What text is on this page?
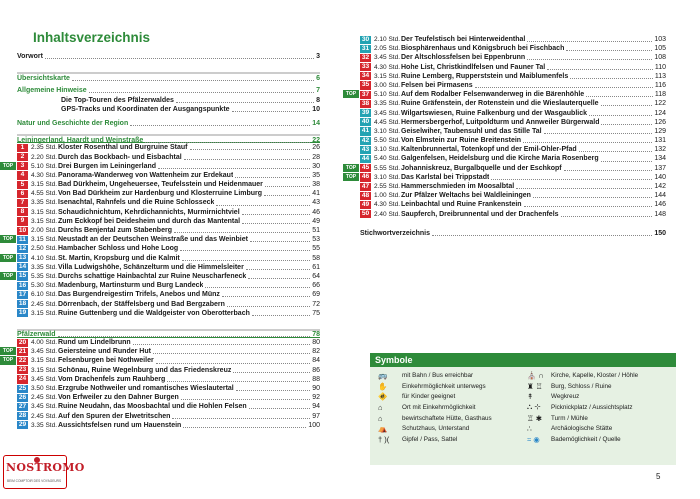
Inhaltsverzeichnis
Vorwort	3
Übersichtskarte	6
Allgemeine Hinweise	7
Die Top-Touren des Pfälzerwaldes	8
GPS-Tracks und Koordinaten der Ausgangspunkte	10
Natur und Geschichte der Region	14
Leiningerland, Haardt und Weinstraße	22
1	2.35 Std. Kloster Rosenthal und Burgruine Stauf	26
2	2.20 Std. Durch das Bockbach- und Eisbachtal	28
TOP	3	5.10 Std. Drei Burgen im Leiningerland	30
4	4.30 Std. Panorama-Wanderweg von Wattenheim zur Erdekaut	35
5	3.15 Std. Bad Dürkheim, Ungeheuersee, Teufelsstein und Heidenmauer	38
6	4.55 Std. Von Bad Dürkheim zur Hardenburg und Klosterruine Limburg	41
7	3.35 Std. Isenachtal, Rahnfels und die Ruine Schlosseck	43
8	3.15 Std. Schaudichnichtum, Kehrdichannichts, Murmirnichtviel	46
9	3.15 Std. Zum Eckkopf bei Deidesheim und durch das Mantental	49
10 2.00 Std. Durchs Benjental zum Stabenberg	51
TOP 11 3.15 Std. Neustadt an der Deutschen Weinstraße und das Weinbiet	53
12 2.50 Std. Hambacher Schloss und Hohe Loog	55
TOP 13 4.10 Std. St. Martin, Kropsburg und die Kalmit	58
14 3.35 Std. Villa Ludwigshöhe, Schänzelturm und die Himmelsleiter	61
TOP 15 5.35 Std. Durchs schattige Hainbachtal zur Ruine Neuscharfeneck	64
16 5.30 Std. Madenburg, Martinsturm und Burg Landeck	66
17 6.10 Std. Das Burgendreigestirn Trifels, Anebos und Münz	69
18 2.45 Std. Dörrenbach, der Stäffelsberg und Bad Bergzabern	72
19 3.15 Std. Ruine Guttenberg und die Waldgeister von Oberotterbach	75
Pfälzerwald	78
20 4.00 Std. Rund um Lindelbrunn	80
TOP 21 3.45 Std. Geiersteine und Runder Hut	82
TOP 22 3.15 Std. Felsenburgen bei Nothweiler	84
23 3.15 Std. Schönau, Ruine Wegelnburg und das Friedenskreuz	86
24 3.45 Std. Vom Drachenfels zum Rauhberg	88
25 3.50 Std. Erzgrube Nothweiler und romantisches Wieslautertal	90
26 2.45 Std. Von Erfweiler zu den Dahner Burgen	92
27 3.45 Std. Ruine Neudahn, das Moosbachtal und die Hohlen Felsen	94
28 2.45 Std. Auf den Spuren der Elwetritschen	97
29 3.35 Std. Aussichtsfelsen rund um Hauenstein	100
30 2.10 Std. Der Teufelstisch bei Hinterweidenthal	103
31 2.05 Std. Biosphärenhaus und Königsbruch bei Fischbach	105
32 3.45 Std. Der Altschlossfelsen bei Eppenbrunn	108
33 4.30 Std. Hohe List, Christkindlfelsen und Fauner Tal	110
34 3.15 Std. Ruine Lemberg, Rupperststein und Maiblumenfels	113
35 3.00 Std. Felsen bei Pirmasens	116
TOP 37 5.10 Std. Auf dem Rodalber Felsenwanderweg in die Bärenhöhle	118
38 3.35 Std. Ruine Gräfenstein, der Rotenstein und die Wieslauterquelle	122
39 3.45 Std. Wilgartswiesen, Ruine Falkenburg und der Wasgaublick	124
40 4.45 Std. Hermersbergerhof, Luitpoldturm und Annweiler Bürgerwald	126
41 3.10 Std. Geiselwiher, Taubensuhl und das Stille Tal	129
42 5.50 Std. Von Elmstein zur Ruine Breitenstein	131
43 3.10 Std. Kaltenbrunnertal, Totenkopf und der Emil-Ohler-Pfad	132
44 5.40 Std. Galgenfelsen, Heidelsburg und die Kirche Maria Rosenberg	134
TOP 45 5.55 Std. Johanniskreuz, Burgalbquelle und der Eschkopf	137
TOP 46 3.10 Std. Das Karlstal bei Trippstadt	140
47 2.55 Std. Hammerschmieden im Moosalbtal	142
48 1.00 Std. Zur Pfälzer Weltachs bei Waldleiningen	144
49 4.30 Std. Leinbachtal und Ruine Frankenstein	146
50 2.40 Std. Saupferch, Dreibrunnental und der Drachenfels	148
Stichwortverzeichnis	150
Symbole
🚌	mit Bahn / Bus erreichbar	⛪ ∩	Kirche, Kapelle, Kloster / Höhle
✋	Einkehrmöglichkeit unterwegs	♜ ♖	Burg, Schloss / Ruine
🚸	für Kinder geeignet	↟	Wegkreuz
⌂	Ort mit Einkehrmöglichkeit	⛬ ⊹	Picknickplatz / Aussichtsplatz
⌂	bewirtschaftete Hütte, Gasthaus	♖ ✱	Turm / Mühle
⛺	Schutzhaus, Unterstand	∴	Archäologische Stätte
† )(	Gipfel / Pass, Sattel	≈ ◉	Bademöglichkeit / Quelle
5
NOSTROMO
BEIM COMPTOIR DES VOYAGEURS
